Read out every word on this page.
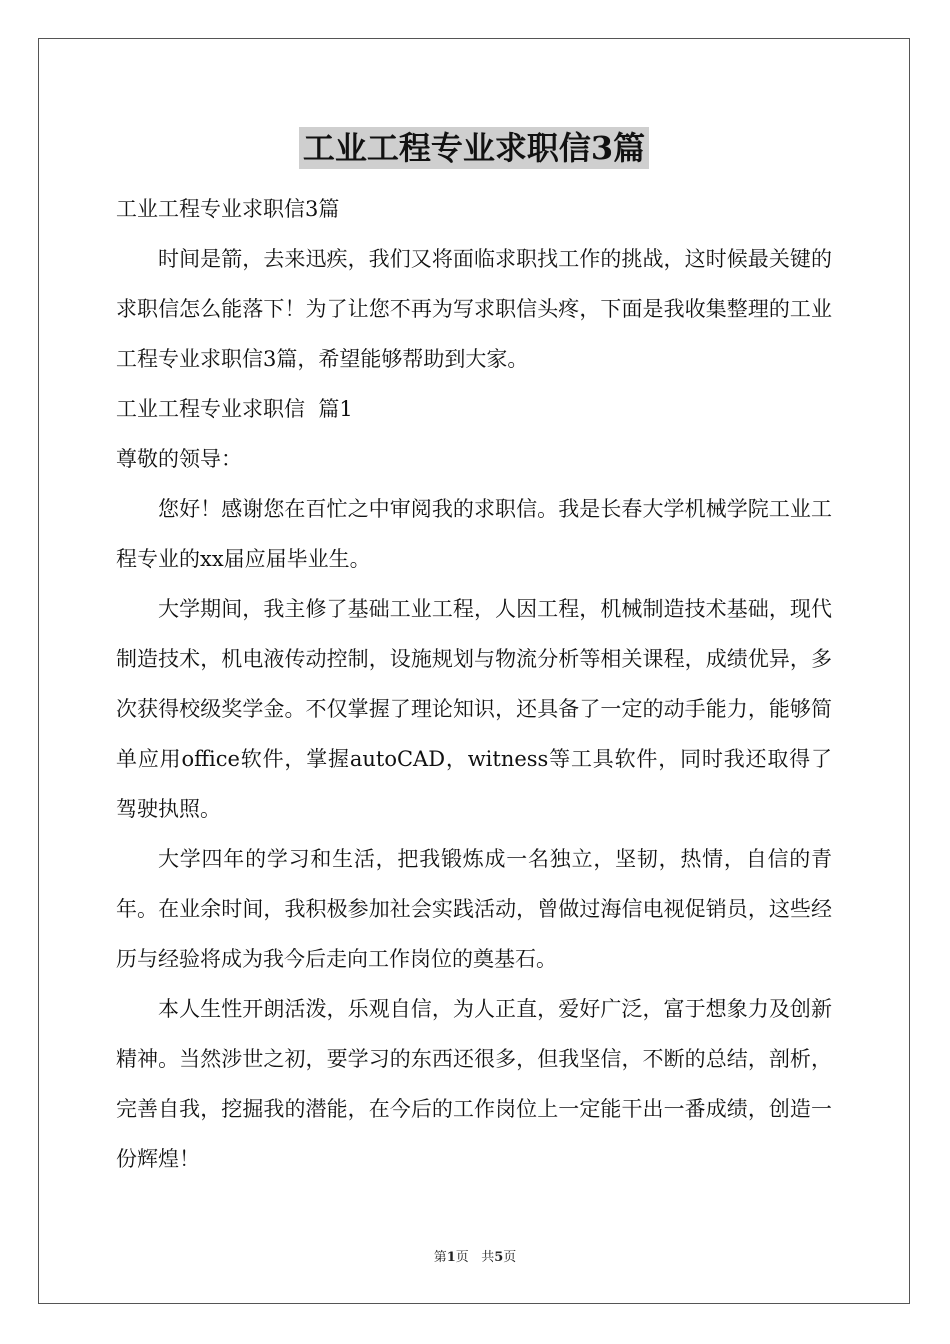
工业工程专业求职信3篇

工业工程专业求职信3篇

时间是箭，去来迅疾，我们又将面临求职找工作的挑战，这时候最关键的求职信怎么能落下！为了让您不再为写求职信头疼，下面是我收集整理的工业工程专业求职信3篇，希望能够帮助到大家。

工业工程专业求职信  篇1

尊敬的领导：

您好！感谢您在百忙之中审阅我的求职信。我是长春大学机械学院工业工程专业的xx届应届毕业生。

大学期间，我主修了基础工业工程，人因工程，机械制造技术基础，现代制造技术，机电液传动控制，设施规划与物流分析等相关课程，成绩优异，多次获得校级奖学金。不仅掌握了理论知识，还具备了一定的动手能力，能够简单应用office软件，掌握autoCAD，witness等工具软件，同时我还取得了驾驶执照。

大学四年的学习和生活，把我锻炼成一名独立，坚韧，热情，自信的青年。在业余时间，我积极参加社会实践活动，曾做过海信电视促销员，这些经历与经验将成为我今后走向工作岗位的奠基石。

本人生性开朗活泼，乐观自信，为人正直，爱好广泛，富于想象力及创新精神。当然涉世之初，要学习的东西还很多，但我坚信，不断的总结，剖析，完善自我，挖掘我的潜能，在今后的工作岗位上一定能干出一番成绩，创造一份辉煌！

第1页 共5页
